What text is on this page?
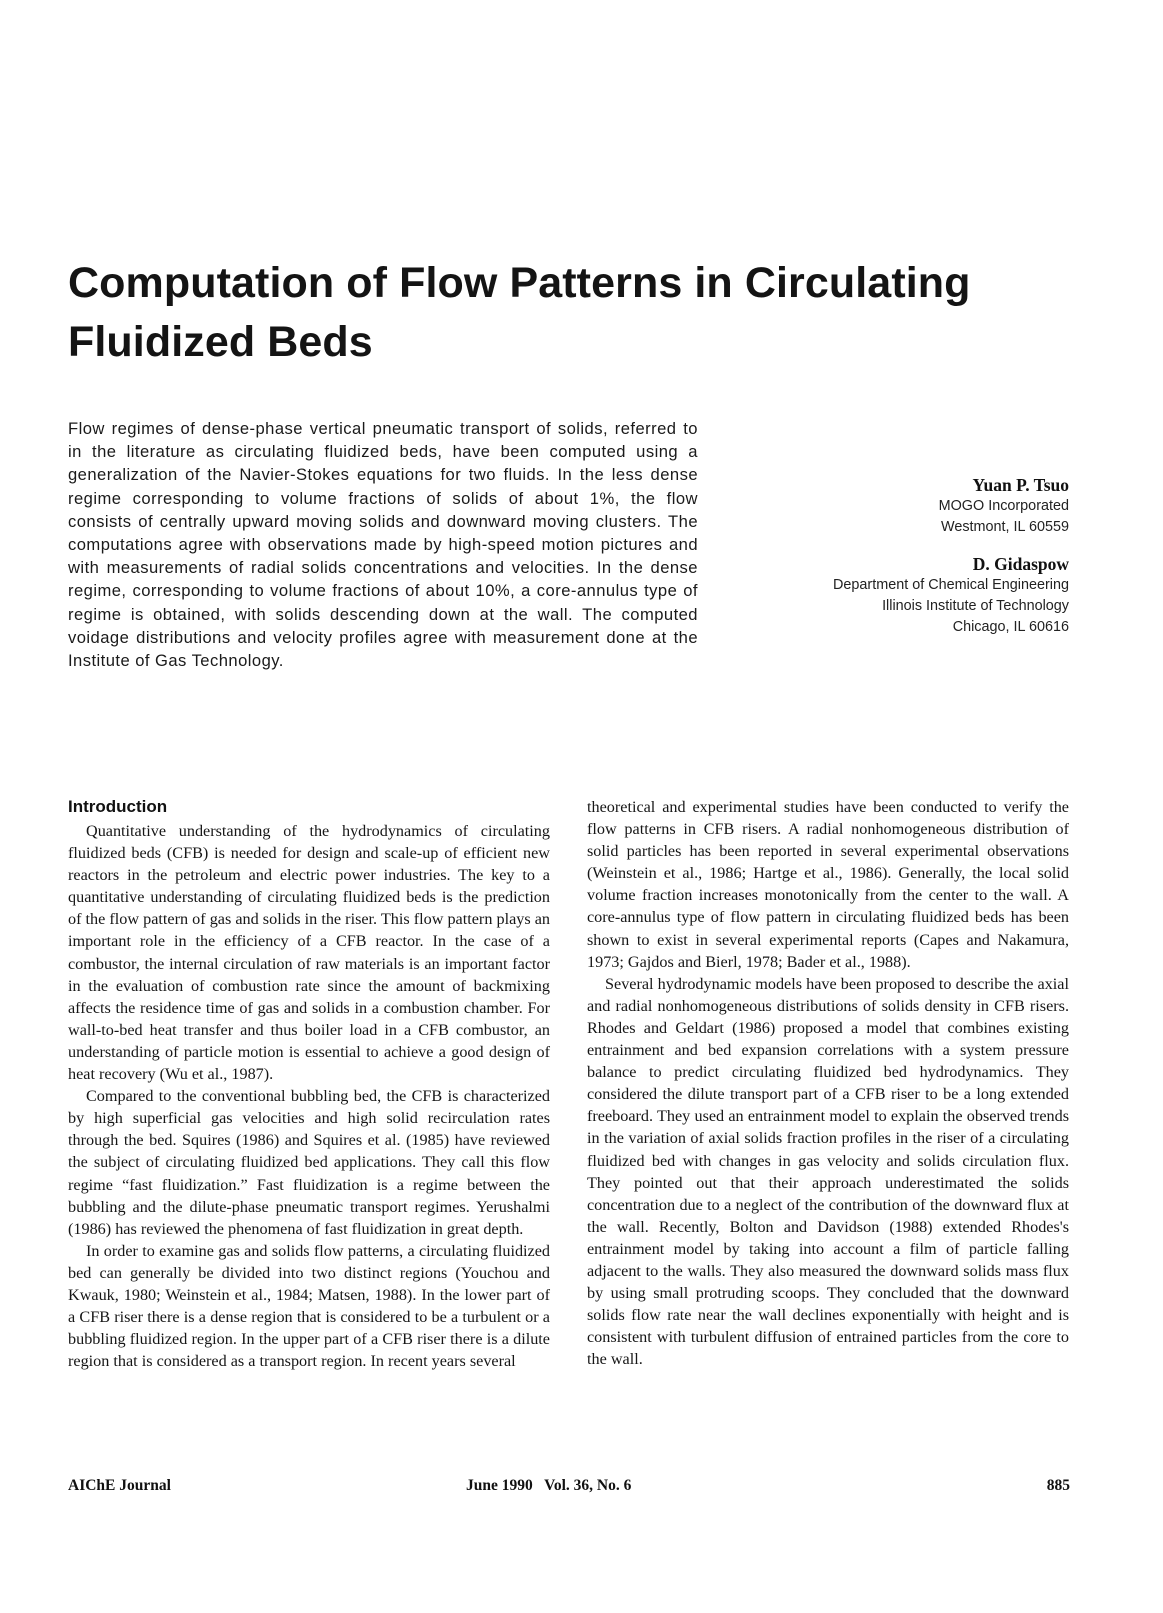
Computation of Flow Patterns in Circulating Fluidized Beds

Flow regimes of dense-phase vertical pneumatic transport of solids, referred to in the literature as circulating fluidized beds, have been computed using a generalization of the Navier-Stokes equations for two fluids. In the less dense regime corresponding to volume fractions of solids of about 1%, the flow consists of centrally upward moving solids and downward moving clusters. The computations agree with observations made by high-speed motion pictures and with measurements of radial solids concentrations and velocities. In the dense regime, corresponding to volume fractions of about 10%, a core-annulus type of regime is obtained, with solids descending down at the wall. The computed voidage distributions and velocity profiles agree with measurement done at the Institute of Gas Technology.

Yuan P. Tsuo
MOGO Incorporated
Westmont, IL 60559
D. Gidaspow
Department of Chemical Engineering
Illinois Institute of Technology
Chicago, IL 60616
Introduction

Quantitative understanding of the hydrodynamics of circulating fluidized beds (CFB) is needed for design and scale-up of efficient new reactors in the petroleum and electric power industries. The key to a quantitative understanding of circulating fluidized beds is the prediction of the flow pattern of gas and solids in the riser. This flow pattern plays an important role in the efficiency of a CFB reactor. In the case of a combustor, the internal circulation of raw materials is an important factor in the evaluation of combustion rate since the amount of backmixing affects the residence time of gas and solids in a combustion chamber. For wall-to-bed heat transfer and thus boiler load in a CFB combustor, an understanding of particle motion is essential to achieve a good design of heat recovery (Wu et al., 1987).

Compared to the conventional bubbling bed, the CFB is characterized by high superficial gas velocities and high solid recirculation rates through the bed. Squires (1986) and Squires et al. (1985) have reviewed the subject of circulating fluidized bed applications. They call this flow regime “fast fluidization.” Fast fluidization is a regime between the bubbling and the dilute-phase pneumatic transport regimes. Yerushalmi (1986) has reviewed the phenomena of fast fluidization in great depth.

In order to examine gas and solids flow patterns, a circulating fluidized bed can generally be divided into two distinct regions (Youchou and Kwauk, 1980; Weinstein et al., 1984; Matsen, 1988). In the lower part of a CFB riser there is a dense region that is considered to be a turbulent or a bubbling fluidized region. In the upper part of a CFB riser there is a dilute region that is considered as a transport region. In recent years several

theoretical and experimental studies have been conducted to verify the flow patterns in CFB risers. A radial nonhomogeneous distribution of solid particles has been reported in several experimental observations (Weinstein et al., 1986; Hartge et al., 1986). Generally, the local solid volume fraction increases monotonically from the center to the wall. A core-annulus type of flow pattern in circulating fluidized beds has been shown to exist in several experimental reports (Capes and Nakamura, 1973; Gajdos and Bierl, 1978; Bader et al., 1988).

Several hydrodynamic models have been proposed to describe the axial and radial nonhomogeneous distributions of solids density in CFB risers. Rhodes and Geldart (1986) proposed a model that combines existing entrainment and bed expansion correlations with a system pressure balance to predict circulating fluidized bed hydrodynamics. They considered the dilute transport part of a CFB riser to be a long extended freeboard. They used an entrainment model to explain the observed trends in the variation of axial solids fraction profiles in the riser of a circulating fluidized bed with changes in gas velocity and solids circulation flux. They pointed out that their approach underestimated the solids concentration due to a neglect of the contribution of the downward flux at the wall. Recently, Bolton and Davidson (1988) extended Rhodes's entrainment model by taking into account a film of particle falling adjacent to the walls. They also measured the downward solids mass flux by using small protruding scoops. They concluded that the downward solids flow rate near the wall declines exponentially with height and is consistent with turbulent diffusion of entrained particles from the core to the wall.

AIChE Journal	June 1990   Vol. 36, No. 6	885
